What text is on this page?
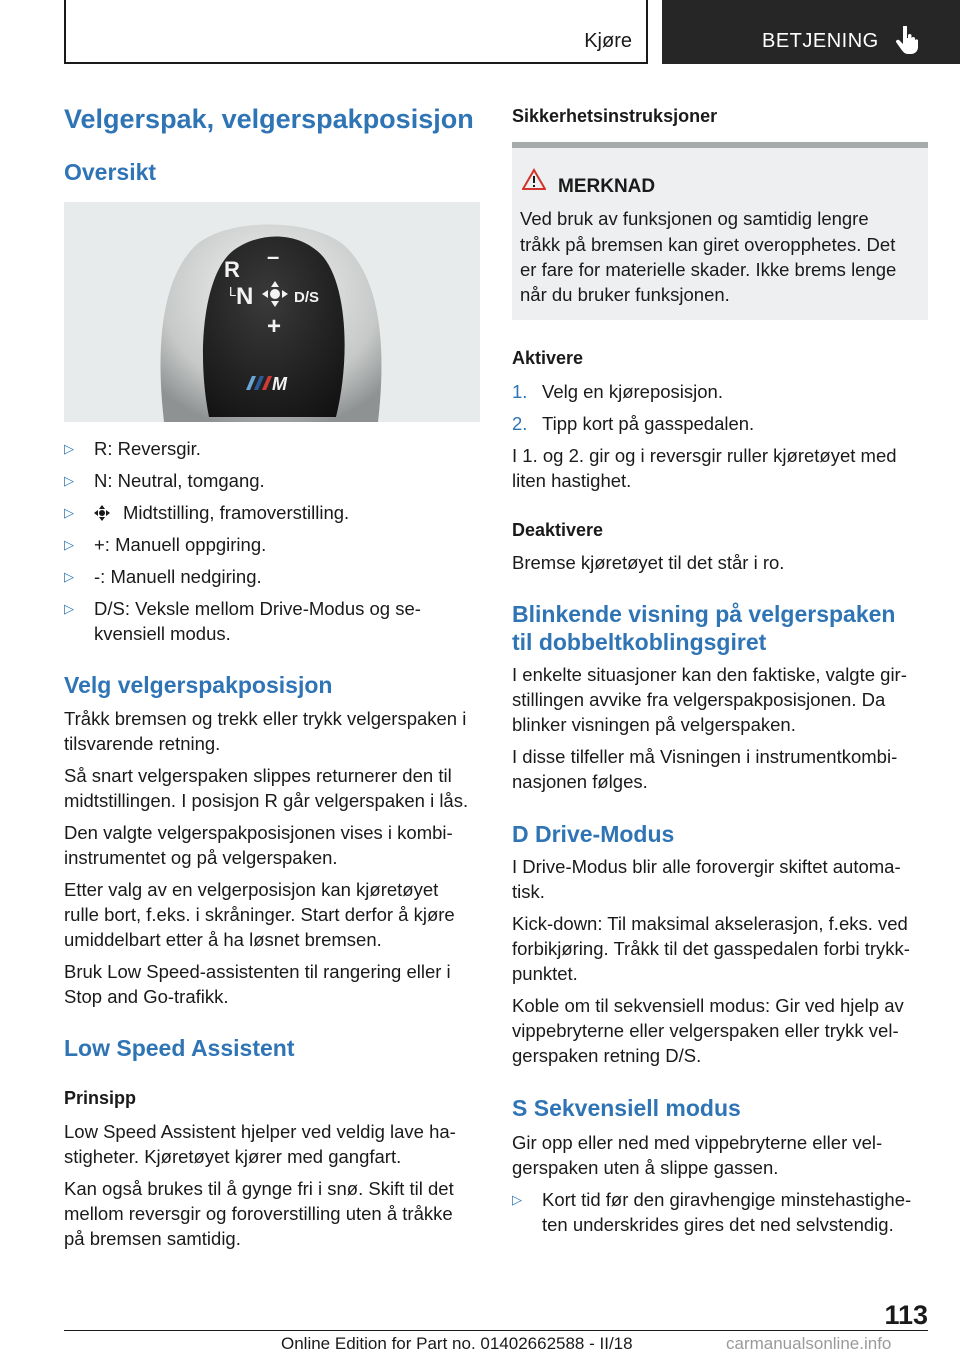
Kjøre	BETJENING
Velgerspak, velgerspakposisjon
Oversikt
R
–
L N	D/S
+
M
▷ R: Reversgir.
▷ N: Neutral, tomgang.
▷	Midtstilling, framoverstilling.
▷ +: Manuell oppgiring.
▷ -: Manuell nedgiring.
▷ D/S: Veksle mellom Drive-Modus og se-
kvensiell modus.
Velg velgerspakposisjon

Tråkk bremsen og trekk eller trykk velgerspaken i

tilsvarende retning.

Så snart velgerspaken slippes returnerer den til

midtstillingen. I posisjon R går velgerspaken i lås.

Den valgte velgerspakposisjonen vises i kombi-

instrumentet og på velgerspaken.

Etter valg av en velgerposisjon kan kjøretøyet

rulle bort, f.eks. i skråninger. Start derfor å kjøre

umiddelbart etter å ha løsnet bremsen.

Bruk Low Speed-assistenten til rangering eller i

Stop and Go-trafikk.

Low Speed Assistent
Prinsipp

Low Speed Assistent hjelper ved veldig lave ha-

stigheter. Kjøretøyet kjører med gangfart.

Kan også brukes til å gynge fri i snø. Skift til det

mellom reversgir og foroverstilling uten å tråkke

på bremsen samtidig.

Sikkerhetsinstruksjoner
MERKNAD

Ved bruk av funksjonen og samtidig lengre

tråkk på bremsen kan giret overopphetes. Det

er fare for materielle skader. Ikke brems lenge

når du bruker funksjonen.

Aktivere
1. Velg en kjøreposisjon.
2. Tipp kort på gasspedalen.

I 1. og 2. gir og i reversgir ruller kjøretøyet med

liten hastighet.

Deaktivere

Bremse kjøretøyet til det står i ro.

Blinkende visning på velgerspaken
til dobbeltkoblingsgiret

I enkelte situasjoner kan den faktiske, valgte gir-

stillingen avvike fra velgerspakposisjonen. Da

blinker visningen på velgerspaken.

I disse tilfeller må Visningen i instrumentkombi-

nasjonen følges.

D Drive-Modus

I Drive-Modus blir alle forovergir skiftet automa-

tisk.

Kick-down: Til maksimal akselerasjon, f.eks. ved

forbikjøring. Tråkk til det gasspedalen forbi trykk-

punktet.

Koble om til sekvensiell modus: Gir ved hjelp av

vippebryterne eller velgerspaken eller trykk vel-

gerspaken retning D/S.

S Sekvensiell modus

Gir opp eller ned med vippebryterne eller vel-

gerspaken uten å slippe gassen.

▷ Kort tid før den giravhengige minstehastighe-
ten underskrides gires det ned selvstendig.
113
Online Edition for Part no. 01402662588 - II/18	carmanualsonline.info
